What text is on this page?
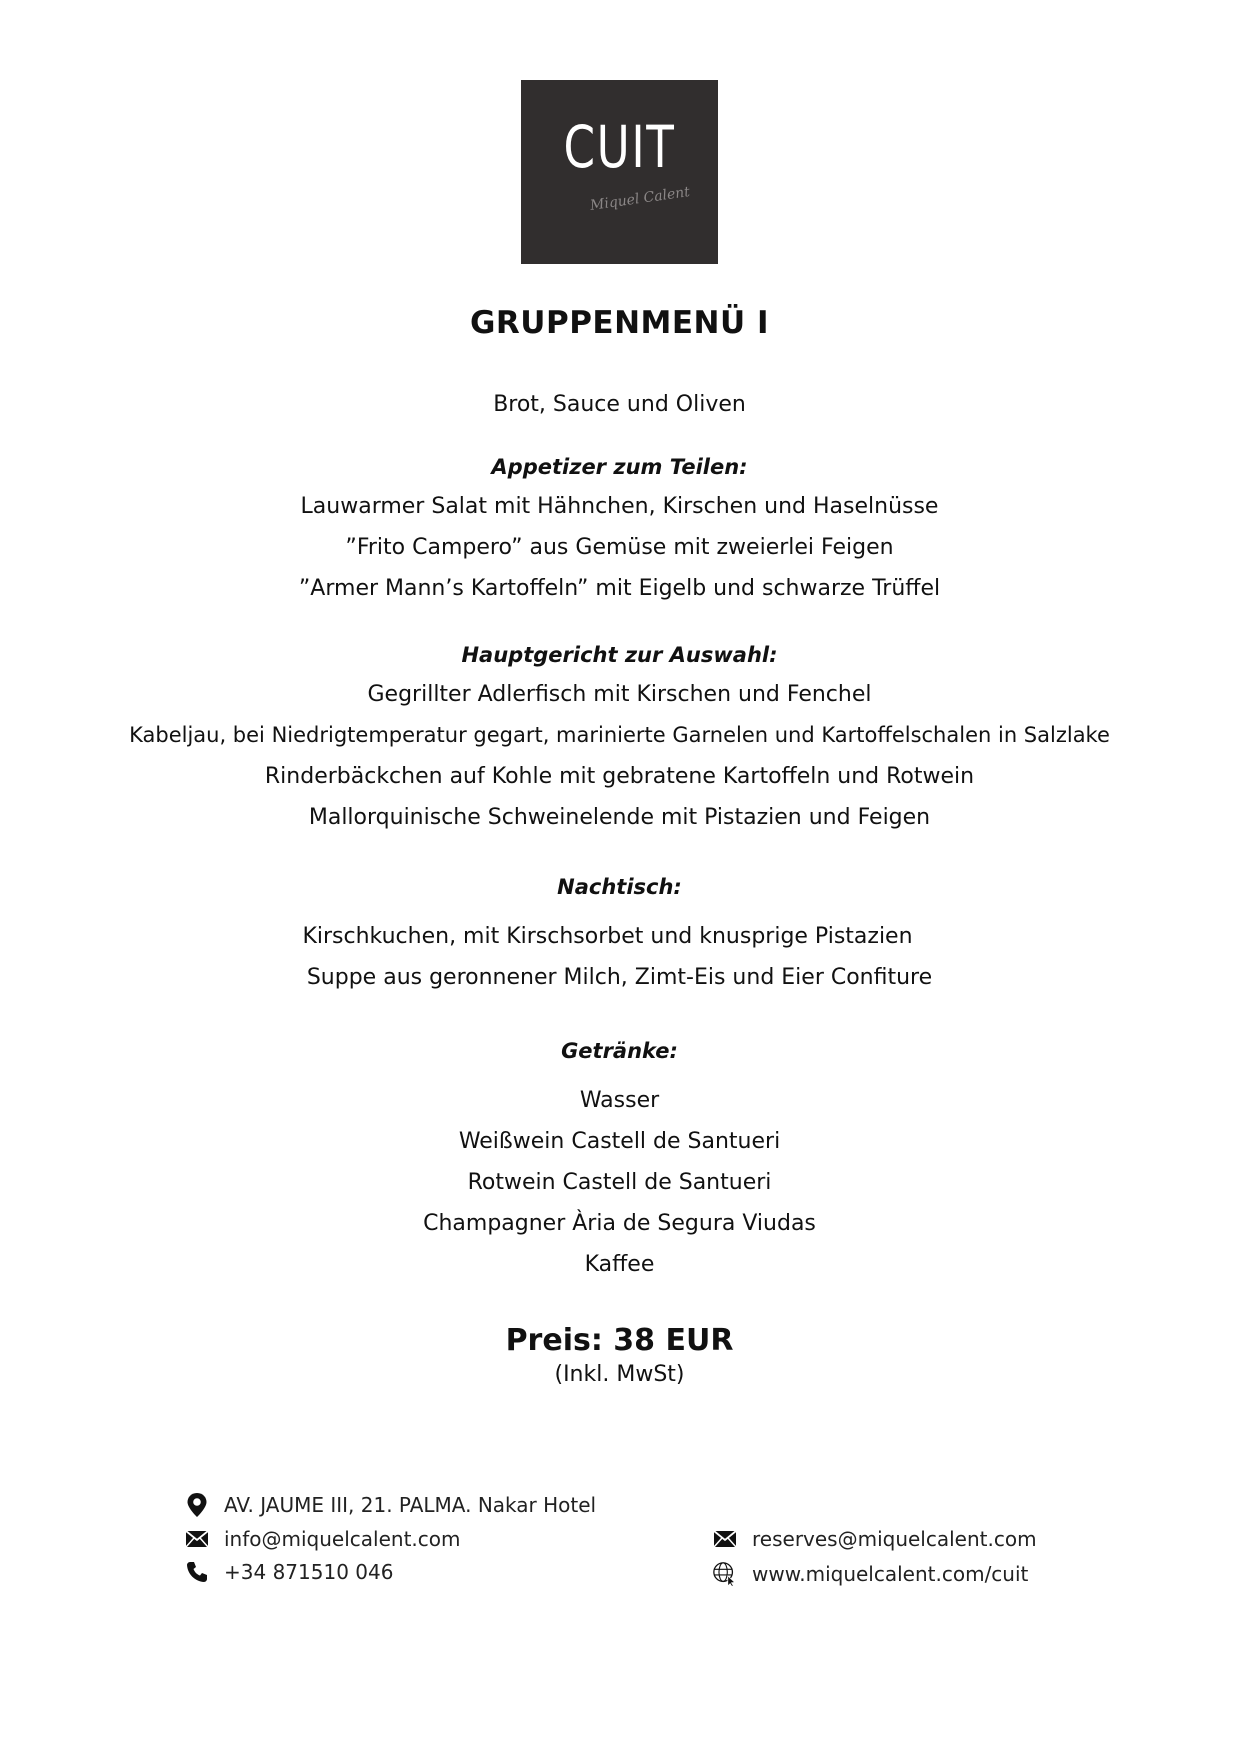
CUIT
Miquel Calent
GRUPPENMENÜ I
Brot, Sauce und Oliven
Appetizer zum Teilen:
Lauwarmer Salat mit Hähnchen, Kirschen und Haselnüsse
”Frito Campero” aus Gemüse mit zweierlei Feigen
”Armer Mann’s Kartoffeln” mit Eigelb und schwarze Trüffel
Hauptgericht zur Auswahl:
Gegrillter Adlerfisch mit Kirschen und Fenchel
Kabeljau, bei Niedrigtemperatur gegart, marinierte Garnelen und Kartoffelschalen in Salzlake
Rinderbäckchen auf Kohle mit gebratene Kartoffeln und Rotwein
Mallorquinische Schweinelende mit Pistazien und Feigen
Nachtisch:
Kirschkuchen, mit Kirschsorbet und knusprige Pistazien
Suppe aus geronnener Milch, Zimt-Eis und Eier Confiture
Getränke:
Wasser
Weißwein Castell de Santueri
Rotwein Castell de Santueri
Champagner Ària de Segura Viudas
Kaffee
Preis: 38 EUR
(Inkl. MwSt)
AV. JAUME III, 21. PALMA. Nakar Hotel
info@miquelcalent.com
+34 871510 046
reserves@miquelcalent.com
www.miquelcalent.com/cuit
